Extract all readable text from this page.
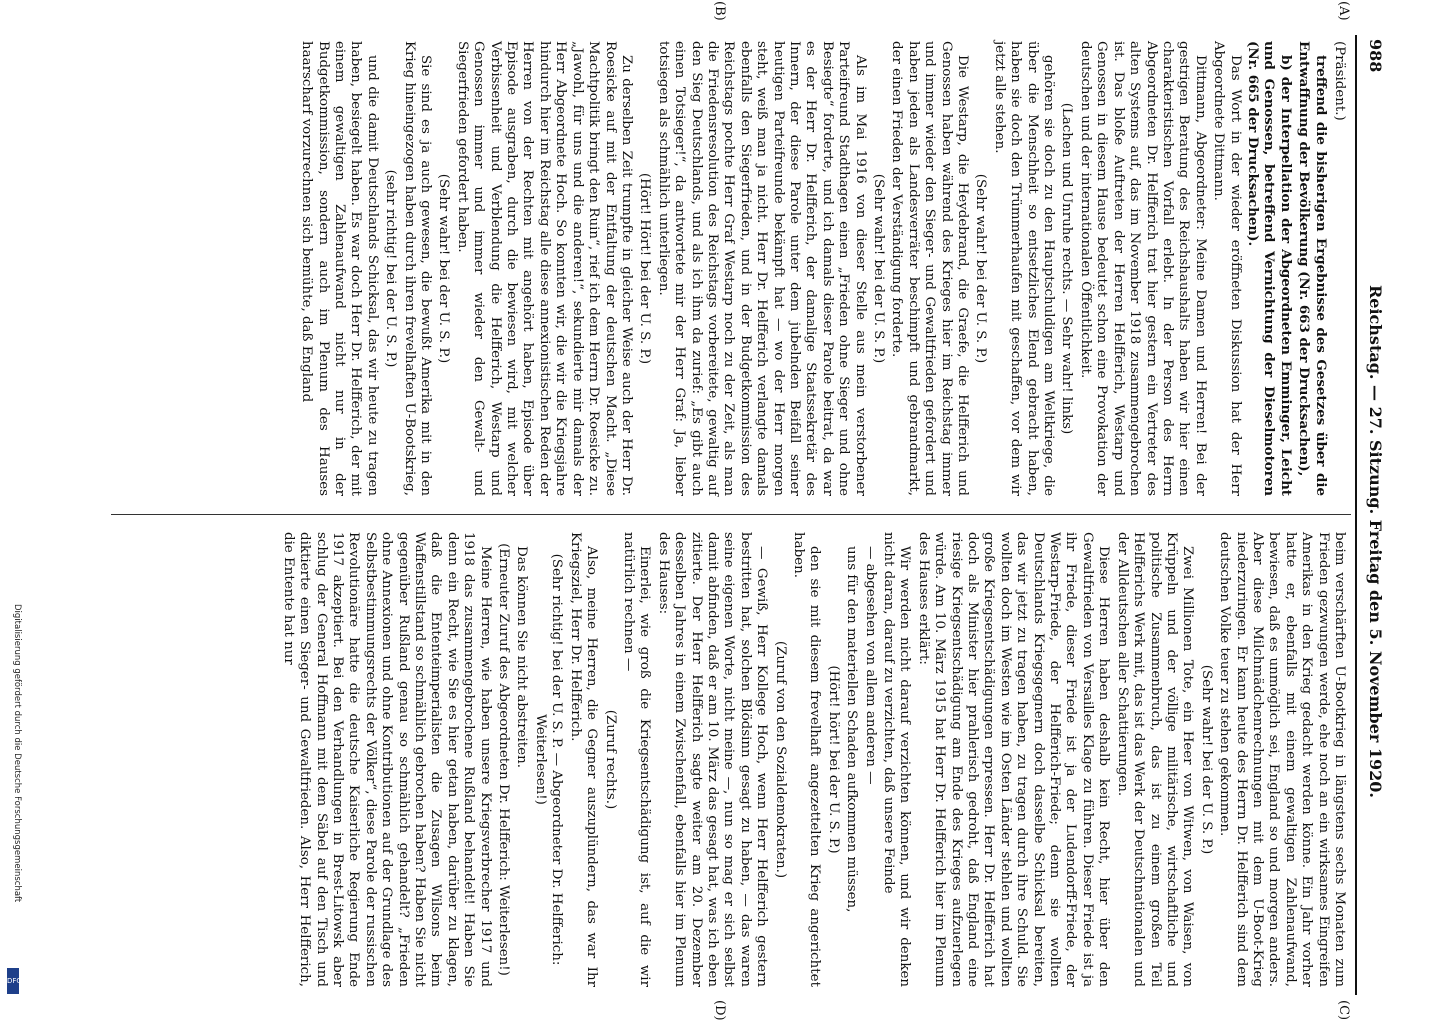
988
Reichstag. — 27. Sitzung. Freitag den 5. November 1920.
(A)
(B)
(C)
(D)

(Präsident.)

treffend die bisherigen Ergebnisse des Gesetzes über die Entwaffnung der Bevölkerung (Nr. 663 der Drucksachen),

b) der Interpellation der Abgeordneten Emminger, Leicht und Genossen, betreffend Vernichtung der Dieselmotoren (Nr. 665 der Drucksachen).

Das Wort in der wieder eröffneten Diskussion hat der Herr Abgeordnete Dittmann.

Dittmann, Abgeordneter: Meine Damen und Herren! Bei der gestrigen Beratung des Reichshaushalts haben wir hier einen charakteristischen Vorfall erlebt. In der Person des Herrn Abgeordneten Dr. Helfferich trat hier gestern ein Vertreter des alten Systems auf, das im November 1918 zusammengebrochen ist. Das bloße Auftreten der Herren Helfferich, Westarp und Genossen in diesem Hause bedeutet schon eine Provokation der deutschen und der internationalen Öffentlichkeit.

(Lachen und Unruhe rechts. — Sehr wahr! links)

gehören sie doch zu den Hauptschuldigen am Weltkriege, die über die Menschheit so entsetzliches Elend gebracht haben, haben sie doch den Trümmerhaufen mit geschaffen, vor dem wir jetzt alle stehen.

(Sehr wahr! bei der U. S. P.)

Die Westarp, die Heydebrand, die Graefe, die Helfferich und Genossen haben während des Krieges hier im Reichstag immer und immer wieder den Sieger- und Gewaltfrieden gefordert und haben jeden als Landesverräter beschimpft und gebrandmarkt, der einen Frieden der Verständigung forderte.

(Sehr wahr! bei der U. S. P.)

Als im Mai 1916 von dieser Stelle aus mein verstorbener Parteifreund Stadthagen einen „Frieden ohne Sieger und ohne Besiegte“ forderte, und ich damals dieser Parole beitrat, da war es der Herr Dr. Helfferich, der damalige Staatssekretär des Innern, der diese Parole unter dem jubelnden Beifall seiner heutigen Parteifreunde bekämpft hat — wo der Herr morgen steht, weiß man ja nicht. Herr Dr. Helfferich verlangte damals ebenfalls den Siegerfrieden, und in der Budgetkommission des Reichstags pochte Herr Graf Westarp noch zu der Zeit, als man die Friedensresolution des Reichstags vorbereitete, gewaltig auf den Sieg Deutschlands, und als ich ihm da zurief: „Es gibt auch einen Totsieger!“, da antwortete mir der Herr Graf: Ja, lieber totsiegen als schmählich unterliegen.

(Hört! Hört! bei der U. S. P.)

Zu derselben Zeit trumpfte in gleicher Weise auch der Herr Dr. Roesicke auf mit der Entfaltung der deutschen Macht. „Diese Machtpolitik bringt den Ruin“, rief ich dem Herrn Dr. Roesicke zu. „Jawohl, für uns und die anderen!“, sekundierte mir damals der Herr Abgeordnete Hoch. So konnten wir, die wir die Kriegsjahre hindurch hier im Reichstag alle diese annexionistischen Reden der Herren von der Rechten mit angehört haben, Episode über Episode ausgraben, durch die bewiesen wird, mit welcher Verbissenheit und Verblendung die Helfferich, Westarp und Genossen immer und immer wieder den Gewalt- und Siegerfrieden gefordert haben.

(Sehr wahr! bei der U. S. P.)

Sie sind es ja auch gewesen, die bewußt Amerika mit in den Krieg hineingezogen haben durch ihren frevelhaften U-Bootskrieg,

(sehr richtig! bei der U. S. P.)

und die damit Deutschlands Schicksal, das wir heute zu tragen haben, besiegelt haben. Es war doch Herr Dr. Helfferich, der mit einem gewaltigen Zahlenaufwand nicht nur in der Budgetkommission, sondern auch im Plenum des Hauses haarscharf vorzurechnen sich bemühte, daß England

beim verschärften U-Bootkrieg in längstens sechs Monaten zum Frieden gezwungen werde, ehe noch an ein wirksames Eingreifen Amerikas in den Krieg gedacht werden könne. Ein Jahr vorher hatte er, ebenfalls mit einem gewaltigen Zahlenaufwand, bewiesen, daß es unmöglich sei, England so und morgen anders. Aber diese Milchmädchenrechnungen mit dem U-Boot-Krieg niederzuringen. Er kann heute des Herrn Dr. Helfferich sind dem deutschen Volke teuer zu stehen gekommen.

(Sehr wahr! bei der U. S. P.)

Zwei Millionen Tote, ein Heer von Witwen, von Waisen, von Krüppeln und der völlige militärische, wirtschaftliche und politische Zusammenbruch, das ist zu einem großen Teil Helfferichs Werk mit, das ist das Werk der Deutschnationalen und der Alldeutschen aller Schattierungen.

Diese Herren haben deshalb kein Recht, hier über den Gewaltfrieden von Versailles Klage zu führen. Dieser Friede ist ja ihr Friede, dieser Friede ist ja der Ludendorff-Friede, der Westarp-Friede, der Helfferich-Friede; denn sie wollten Deutschlands Kriegsgegnern doch dasselbe Schicksal bereiten, das wir jetzt zu tragen haben, zu tragen durch ihre Schuld. Sie wollten doch im Westen wie im Osten Länder stehlen und wollten große Kriegsentschädigungen erpressen. Herr Dr. Helfferich hat doch als Minister hier prahlerisch gedroht, daß England eine riesige Kriegsentschädigung am Ende des Krieges aufzuerlegen würde. Am 10. März 1915 hat Herr Dr. Helfferich hier im Plenum des Hauses erklärt:

Wir werden nicht darauf verzichten können, und wir denken nicht daran, darauf zu verzichten, daß unsere Feinde

— abgesehen von allem anderen —

uns für den materiellen Schaden aufkommen müssen,

(Hört! hört! bei der U. S. P.)

den sie mit diesem frevelhaft angezettelten Krieg angerichtet haben.

(Zuruf von den Sozialdemokraten.)

— Gewiß, Herr Kollege Hoch, wenn Herr Helfferich gestern bestritten hat, solchen Blödsinn gesagt zu haben, — das waren seine eigenen Worte, nicht meine —, nun so mag er sich selbst damit abfinden, daß er am 10. März das gesagt hat, was ich eben zitierte. Der Herr Helfferich sagte weiter am 20. Dezember desselben Jahres in einem Zwischenfall, ebenfalls hier im Plenum des Hauses:

Einerlei, wie groß die Kriegsentschädigung ist, auf die wir natürlich rechnen —

(Zuruf rechts.)

Also, meine Herren, die Gegner auszuplündern, das war Ihr Kriegsziel, Herr Dr. Helfferich.

(Sehr richtig! bei der U. S. P. — Abgeordneter Dr. Helfferich: Weiterlesen!)

Das können Sie nicht abstreiten.

(Erneuter Zuruf des Abgeordneten Dr. Helfferich: Weiterlesen!)

Meine Herren, wie haben unsere Kriegsverbrecher 1917 und 1918 das zusammengebrochene Rußland behandelt! Haben Sie denn ein Recht, wie Sie es hier getan haben, darüber zu klagen, daß die Ententeimperialisten die Zusagen Wilsons beim Waffenstillstand so schmählich gebrochen haben? Haben Sie nicht gegenüber Rußland genau so schmählich gehandelt? „Frieden ohne Annexionen und ohne Kontributionen auf der Grundlage des Selbstbestimmungsrechts der Völker“, diese Parole der russischen Revolutionäre hatte die deutsche Kaiserliche Regierung Ende 1917 akzeptiert. Bei den Verhandlungen in Brest-Litowsk aber schlug der General Hoffmann mit dem Säbel auf den Tisch und diktierte einen Sieger- und Gewaltfrieden. Also, Herr Helfferich, die Entente hat nur

Digitalisierung gefördert durch die Deutsche Forschungsgemeinschaft
DFG
